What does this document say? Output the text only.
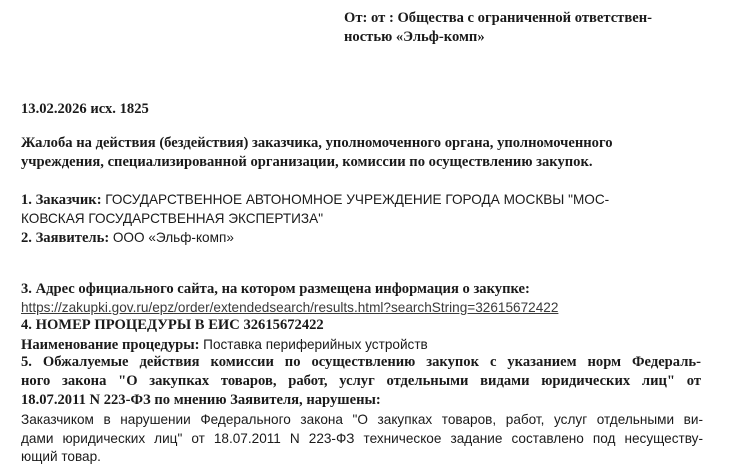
От: от : Общества с ограниченной ответствен-
ностью «Эльф-комп»
13.02.2026 исх. 1825
Жалоба на действия (бездействия) заказчика, уполномоченного органа, уполномоченного
учреждения, специализированной организации, комиссии по осуществлению закупок.
1. Заказчик: ГОСУДАРСТВЕННОЕ АВТОНОМНОЕ УЧРЕЖДЕНИЕ ГОРОДА МОСКВЫ "МОС-
КОВСКАЯ ГОСУДАРСТВЕННАЯ ЭКСПЕРТИЗА"
2. Заявитель: ООО «Эльф-комп»
3. Адрес официального сайта, на котором размещена информация о закупке:
https://zakupki.gov.ru/epz/order/extendedsearch/results.html?searchString=32615672422
4. НОМЕР ПРОЦЕДУРЫ В ЕИС 32615672422
Наименование процедуры: Поставка периферийных устройств
5. Обжалуемые действия комиссии по осуществлению закупок с указанием норм Федераль-
ного закона "О закупках товаров, работ, услуг отдельными видами юридических лиц" от
18.07.2011 N 223-ФЗ по мнению Заявителя, нарушены:
Заказчиком в нарушении Федерального закона "О закупках товаров, работ, услуг отдельными ви-
дами юридических лиц" от 18.07.2011 N 223-ФЗ техническое задание составлено под несуществу-
ющий товар.
